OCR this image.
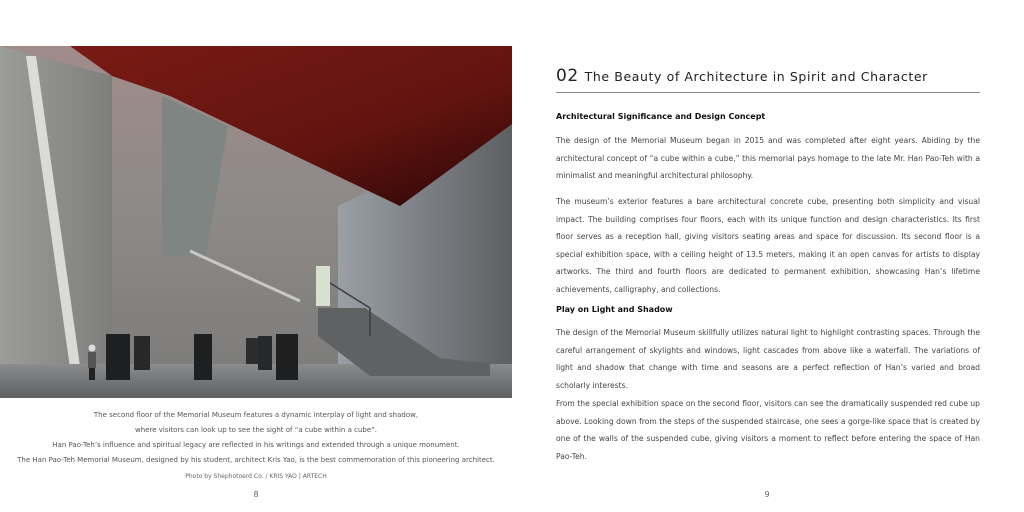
The second floor of the Memorial Museum features a dynamic interplay of light and shadow,
where visitors can look up to see the sight of “a cube within a cube”.
Han Pao-Teh’s influence and spiritual legacy are reflected in his writings and extended through a unique monument.
The Han Pao-Teh Memorial Museum, designed by his student, architect Kris Yao, is the best commemoration of this pioneering architect.
Photo by Shephotoerd Co. / KRIS YAO | ARTECH
8
02 The Beauty of Architecture in Spirit and Character
Architectural Significance and Design Concept
The design of the Memorial Museum began in 2015 and was completed after eight years. Abiding by the architectural concept of “a cube within a cube,” this memorial pays homage to the late Mr. Han Pao-Teh with a minimalist and meaningful architectural philosophy.
The museum’s exterior features a bare architectural concrete cube, presenting both simplicity and visual impact. The building comprises four floors, each with its unique function and design characteristics. Its first floor serves as a reception hall, giving visitors seating areas and space for discussion. Its second floor is a special exhibition space, with a ceiling height of 13.5 meters, making it an open canvas for artists to display artworks. The third and fourth floors are dedicated to permanent exhibition, showcasing Han’s lifetime achievements, calligraphy, and collections.
Play on Light and Shadow
The design of the Memorial Museum skillfully utilizes natural light to highlight contrasting spaces. Through the careful arrangement of skylights and windows, light cascades from above like a waterfall. The variations of light and shadow that change with time and seasons are a perfect reflection of Han’s varied and broad scholarly interests.
From the special exhibition space on the second floor, visitors can see the dramatically suspended red cube up above. Looking down from the steps of the suspended staircase, one sees a gorge-like space that is created by one of the walls of the suspended cube, giving visitors a moment to reflect before entering the space of Han Pao-Teh.
9
